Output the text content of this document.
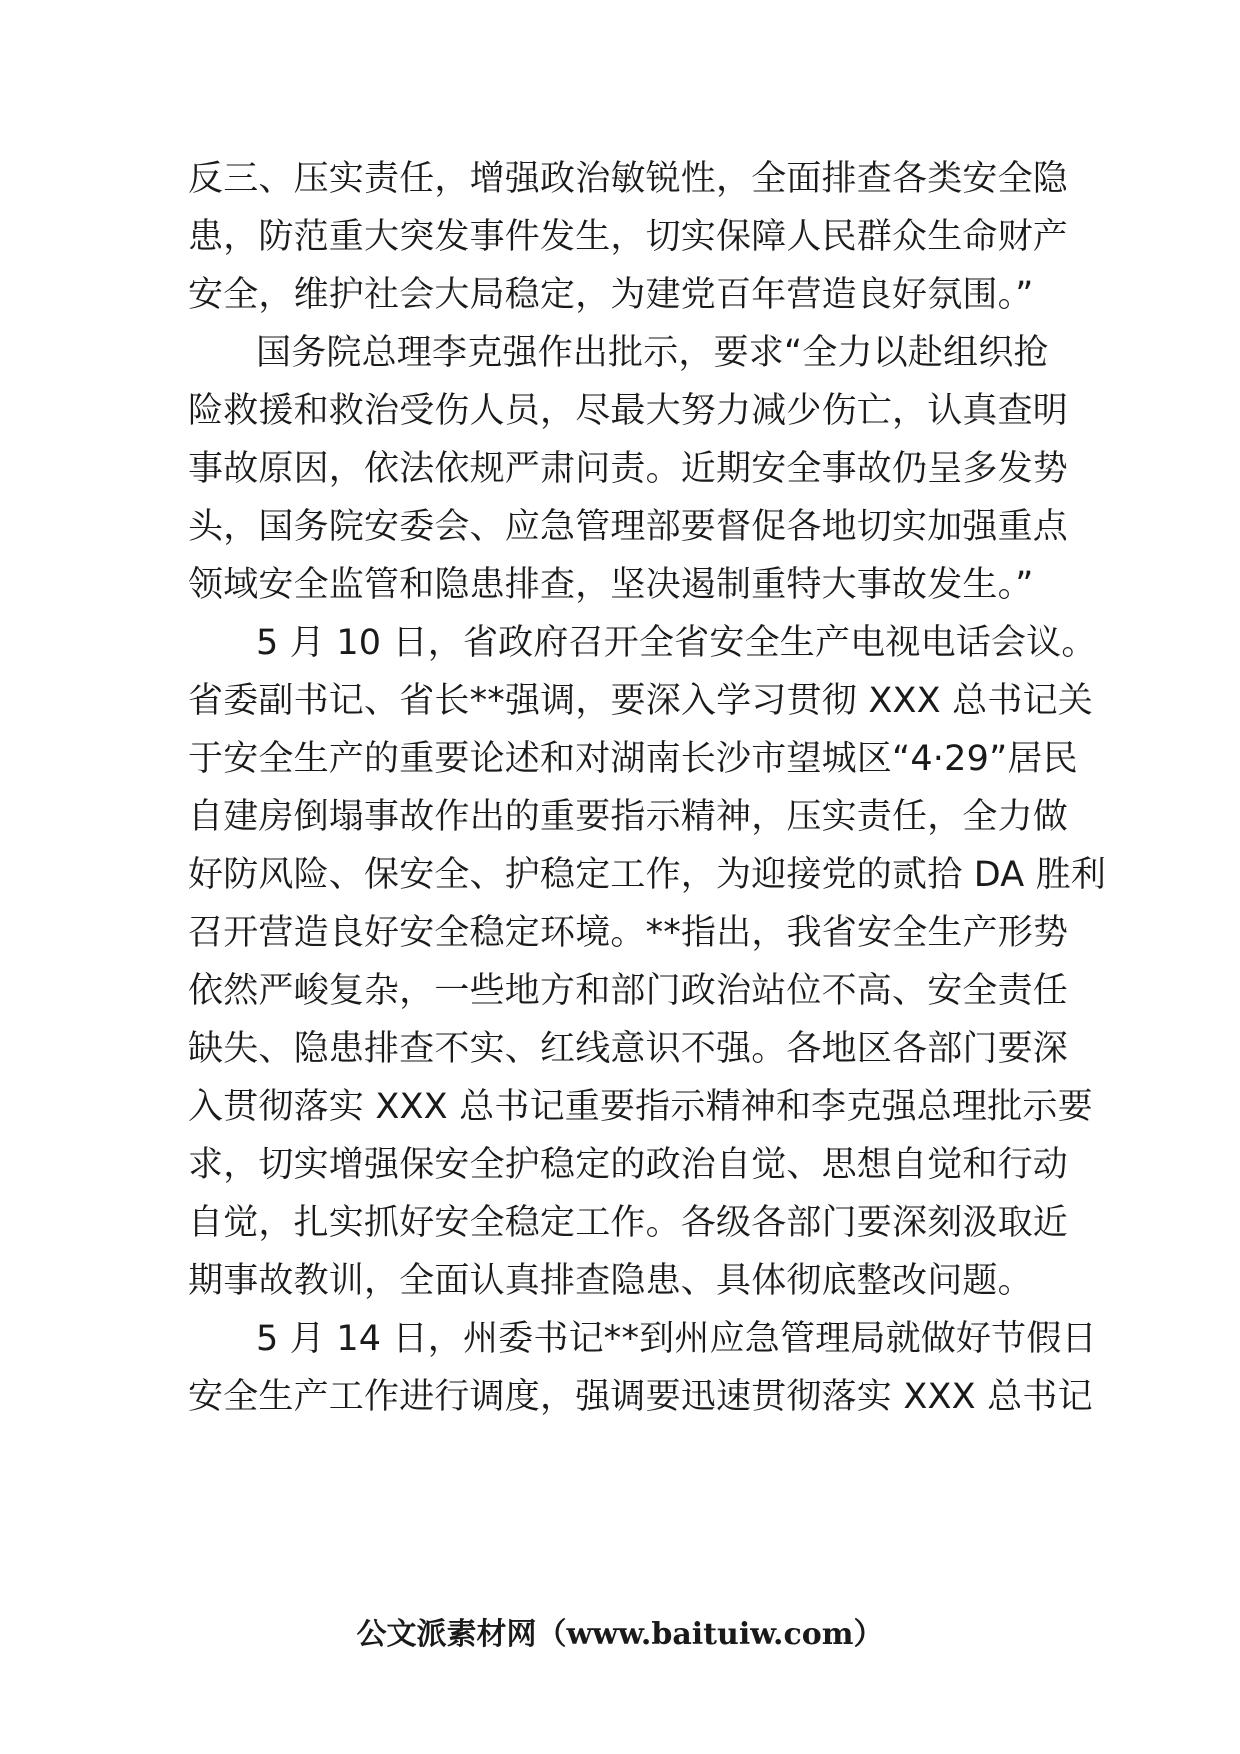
反三、压实责任，增强政治敏锐性，全面排查各类安全隐
患，防范重大突发事件发生，切实保障人民群众生命财产
安全，维护社会大局稳定，为建党百年营造良好氛围。”
国务院总理李克强作出批示，要求“全力以赴组织抢
险救援和救治受伤人员，尽最大努力减少伤亡，认真查明
事故原因，依法依规严肃问责。近期安全事故仍呈多发势
头，国务院安委会、应急管理部要督促各地切实加强重点
领域安全监管和隐患排查，坚决遏制重特大事故发生。”
5 月 10 日，省政府召开全省安全生产电视电话会议。
省委副书记、省长**强调，要深入学习贯彻 XXX 总书记关
于安全生产的重要论述和对湖南长沙市望城区“4·29”居民
自建房倒塌事故作出的重要指示精神，压实责任，全力做
好防风险、保安全、护稳定工作，为迎接党的贰拾 DA 胜利
召开营造良好安全稳定环境。**指出，我省安全生产形势
依然严峻复杂，一些地方和部门政治站位不高、安全责任
缺失、隐患排查不实、红线意识不强。各地区各部门要深
入贯彻落实 XXX 总书记重要指示精神和李克强总理批示要
求，切实增强保安全护稳定的政治自觉、思想自觉和行动
自觉，扎实抓好安全稳定工作。各级各部门要深刻汲取近
期事故教训，全面认真排查隐患、具体彻底整改问题。
5 月 14 日，州委书记**到州应急管理局就做好节假日
安全生产工作进行调度，强调要迅速贯彻落实 XXX 总书记
公文派素材网（www.baituiw.com）
